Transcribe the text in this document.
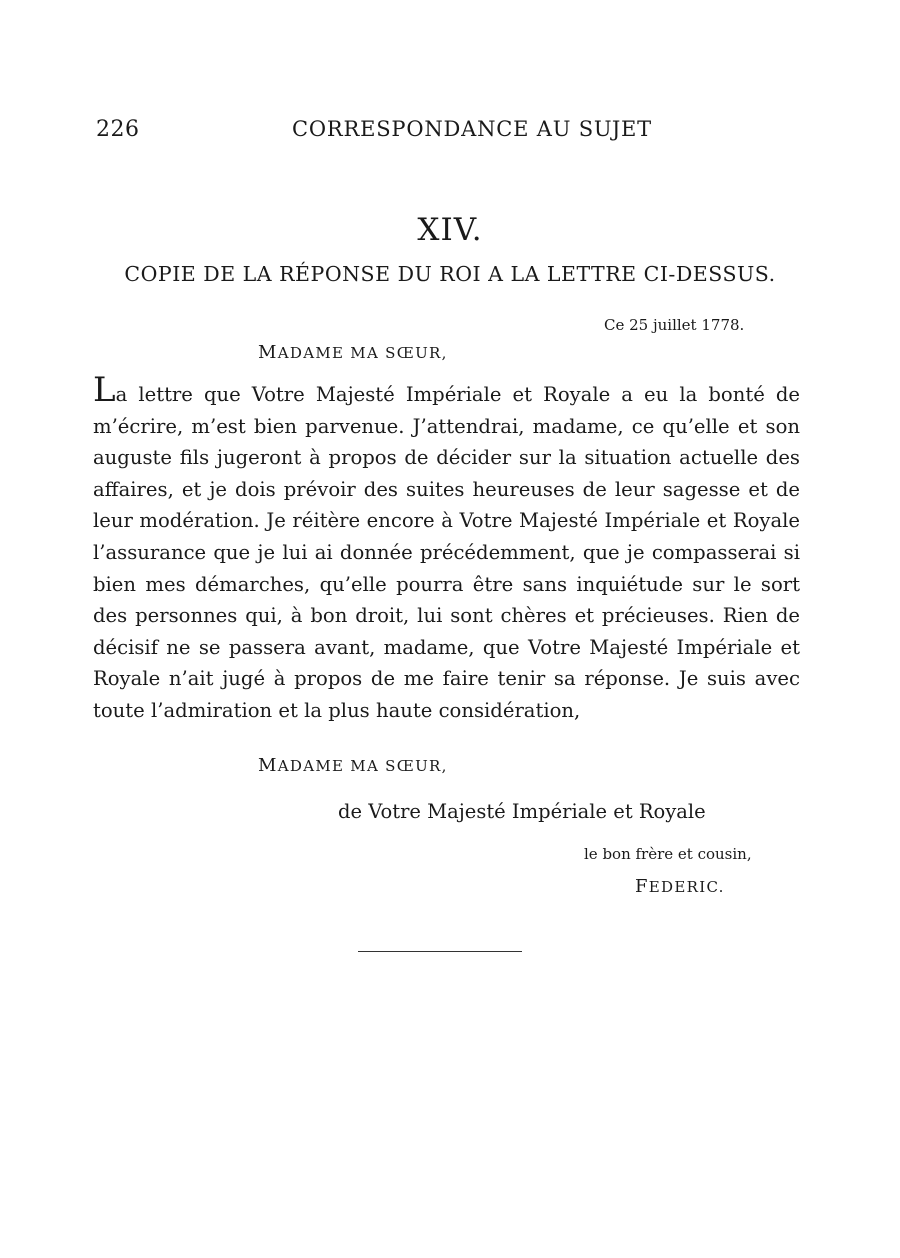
226	CORRESPONDANCE AU SUJET
XIV.
COPIE DE LA RÉPONSE DU ROI A LA LETTRE CI-DESSUS.
Ce 25 juillet 1778.
MADAME MA SŒUR,
La lettre que Votre Majesté Impériale et Royale a eu la bonté de m’écrire, m’est bien parvenue. J’attendrai, madame, ce qu’elle et son auguste fils jugeront à propos de décider sur la situation actuelle des affaires, et je dois prévoir des suites heureuses de leur sagesse et de leur modération. Je réitère encore à Votre Majesté Impériale et Royale l’assurance que je lui ai donnée précédemment, que je compasserai si bien mes démarches, qu’elle pourra être sans inquiétude sur le sort des personnes qui, à bon droit, lui sont chères et précieuses. Rien de décisif ne se passera avant, madame, que Votre Majesté Impériale et Royale n’ait jugé à propos de me faire tenir sa réponse. Je suis avec toute l’admiration et la plus haute considération,
MADAME MA SŒUR,
de Votre Majesté Impériale et Royale
le bon frère et cousin,
FEDERIC.
